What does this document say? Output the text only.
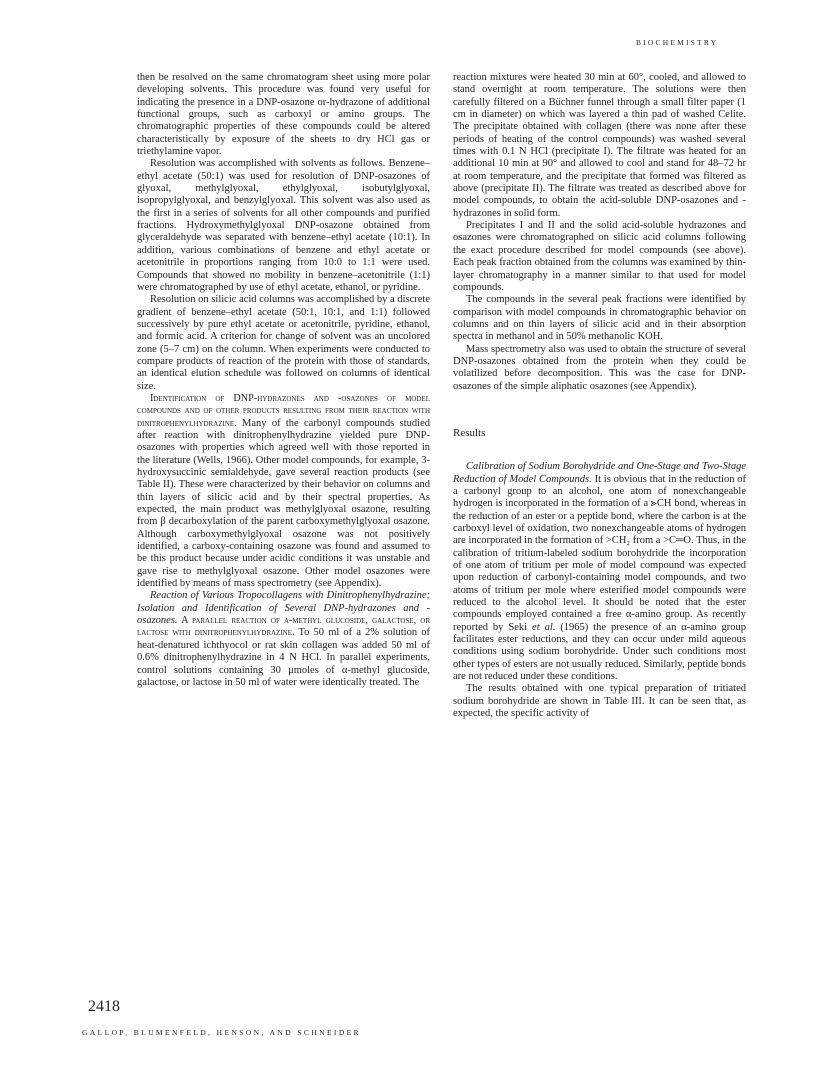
BIOCHEMISTRY

then be resolved on the same chromatogram sheet using more polar developing solvents. This procedure was found very useful for indicating the presence in a DNP-osazone or-hydrazone of additional functional groups, such as carboxyl or amino groups. The chromatographic properties of these compounds could be altered characteristically by exposure of the sheets to dry HCl gas or triethylamine vapor.

Resolution was accomplished with solvents as follows. Benzene–ethyl acetate (50:1) was used for resolution of DNP-osazones of glyoxal, methylglyoxal, ethylglyoxal, isobutylglyoxal, isopropylglyoxal, and benzylglyoxal. This solvent was also used as the first in a series of solvents for all other compounds and purified fractions. Hydroxymethylglyoxal DNP-osazone obtained from glyceraldehyde was separated with benzene–ethyl acetate (10:1). In addition, various combinations of benzene and ethyl acetate or acetonitrile in proportions ranging from 10:0 to 1:1 were used. Compounds that showed no mobility in benzene–acetonitrile (1:1) were chromatographed by use of ethyl acetate, ethanol, or pyridine.

Resolution on silicic acid columns was accomplished by a discrete gradient of benzene–ethyl acetate (50:1, 10:1, and 1:1) followed successively by pure ethyl acetate or acetonitrile, pyridine, ethanol, and formic acid. A criterion for change of solvent was an uncolored zone (5–7 cm) on the column. When experiments were conducted to compare products of reaction of the protein with those of standards, an identical elution schedule was followed on columns of identical size.

Identification of DNP-hydrazones and -osazones of model compounds and of other products resulting from their reaction with dinitrophenylhydrazine. Many of the carbonyl compounds studied after reaction with dinitrophenylhydrazine yielded pure DNP-osazones with properties which agreed well with those reported in the literature (Wells, 1966). Other model compounds, for example, 3-hydroxysuccinic semialdehyde, gave several reaction products (see Table II). These were characterized by their behavior on columns and thin layers of silicic acid and by their spectral properties. As expected, the main product was methylglyoxal osazone, resulting from β decarboxylation of the parent carboxymethylglyoxal osazone. Although carboxymethylglyoxal osazone was not positively identified, a carboxy-containing osazone was found and assumed to be this product because under acidic conditions it was unstable and gave rise to methylglyoxal osazone. Other model osazones were identified by means of mass spectrometry (see Appendix).

Reaction of Various Tropocollagens with Dinitrophenylhydrazine; Isolation and Identification of Several DNP-hydrazones and -osazones. A parallel reaction of α-methyl glucoside, galactose, or lactose with dinitrophenylhydrazine. To 50 ml of a 2% solution of heat-denatured ichthyocol or rat skin collagen was added 50 ml of 0.6% dinitrophenylhydrazine in 4 N HCl. In parallel experiments, control solutions containing 30 μmoles of α-methyl glucoside, galactose, or lactose in 50 ml of water were identically treated. The

reaction mixtures were heated 30 min at 60°, cooled, and allowed to stand overnight at room temperature. The solutions were then carefully filtered on a Büchner funnel through a small filter paper (1 cm in diameter) on which was layered a thin pad of washed Celite. The precipitate obtained with collagen (there was none after these periods of heating of the control compounds) was washed several times with 0.1 N HCl (precipitate I). The filtrate was heated for an additional 10 min at 90° and allowed to cool and stand for 48–72 hr at room temperature, and the precipitate that formed was filtered as above (precipitate II). The filtrate was treated as described above for model compounds, to obtain the acid-soluble DNP-osazones and -hydrazones in solid form.

Precipitates I and II and the solid acid-soluble hydrazones and osazones were chromatographed on silicic acid columns following the exact procedure described for model compounds (see above). Each peak fraction obtained from the columns was examined by thin-layer chromatography in a manner similar to that used for model compounds.

The compounds in the several peak fractions were identified by comparison with model compounds in chromatographic behavior on columns and on thin layers of silicic acid and in their absorption spectra in methanol and in 50% methanolic KOH.

Mass spectrometry also was used to obtain the structure of several DNP-osazones obtained from the protein when they could be volatilized before decomposition. This was the case for DNP-osazones of the simple aliphatic osazones (see Appendix).

Results

Calibration of Sodium Borohydride and One-Stage and Two-Stage Reduction of Model Compounds. It is obvious that in the reduction of a carbonyl group to an alcohol, one atom of nonexchangeable hydrogen is incorporated in the formation of a ⪢CH bond, whereas in the reduction of an ester or a peptide bond, where the carbon is at the carboxyl level of oxidation, two nonexchangeable atoms of hydrogen are incorporated in the formation of >CH₂ from a >C═O. Thus, in the calibration of tritium-labeled sodium borohydride the incorporation of one atom of tritium per mole of model compound was expected upon reduction of carbonyl-containing model compounds, and two atoms of tritium per mole where esterified model compounds were reduced to the alcohol level. It should be noted that the ester compounds employed contained a free α-amino group. As recently reported by Seki et al. (1965) the presence of an α-amino group facilitates ester reductions, and they can occur under mild aqueous conditions using sodium borohydride. Under such conditions most other types of esters are not usually reduced. Similarly, peptide bonds are not reduced under these conditions.

The results obtained with one typical preparation of tritiated sodium borohydride are shown in Table III. It can be seen that, as expected, the specific activity of

2418
GALLOP, BLUMENFELD, HENSON, AND SCHNEIDER
